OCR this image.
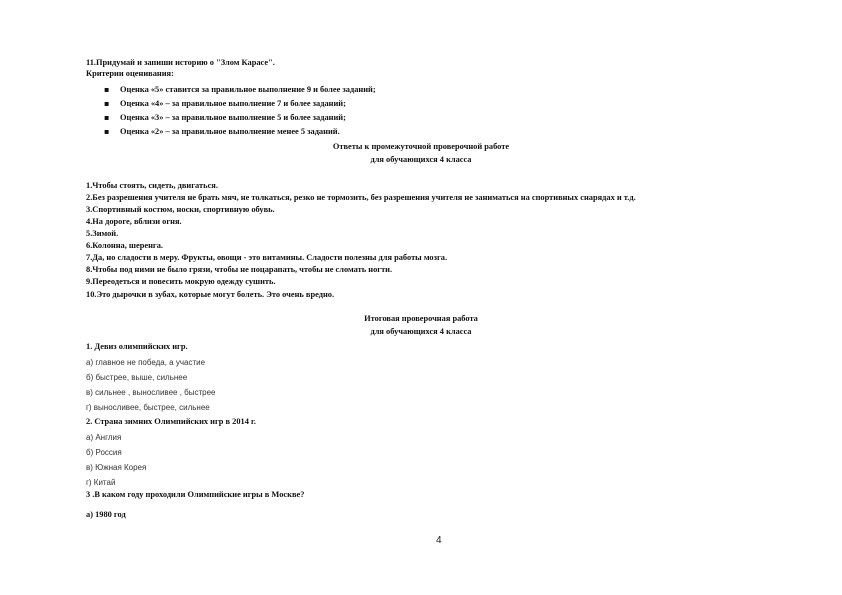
11.Придумай и запиши историю о "Злом Карасе".
Критерии оценивания:
▪ Оценка «5» ставится за правильное выполнение 9 и более заданий;
▪ Оценка «4» – за правильное выполнение 7 и более заданий;
▪ Оценка «3» – за правильное выполнение 5 и более заданий;
▪ Оценка «2» – за правильное выполнение менее 5 заданий.
Ответы к промежуточной проверочной работе
для обучающихся 4 класса
1.Чтобы стоять, сидеть, двигаться.
2.Без разрешения учителя не брать мяч, не толкаться, резко не тормозить, без разрешения учителя не заниматься на спортивных снарядах и т.д.
3.Спортивный костюм, носки, спортивную обувь.
4.На дороге, вблизи огня.
5.Зимой.
6.Колонна, шеренга.
7.Да, но сладости в меру. Фрукты, овощи - это витамины. Сладости полезны для работы мозга.
8.Чтобы под ними не было грязи, чтобы не поцарапать, чтобы не сломать ногти.
9.Переодеться и повесить мокрую одежду сушить.
10.Это дырочки в зубах, которые могут болеть. Это очень вредно.
Итоговая проверочная работа
для обучающихся 4 класса
1. Девиз олимпийских игр.
а) главное не победа, а участие
б) быстрее, выше, сильнее
в) сильнее , выносливее , быстрее
г) выносливее, быстрее, сильнее
2. Страна зимних Олимпийских игр в 2014 г.
а) Англия
б) Россия
в) Южная Корея
г) Китай
3 .В каком году проходили Олимпийские игры в Москве?
а) 1980 год
4
